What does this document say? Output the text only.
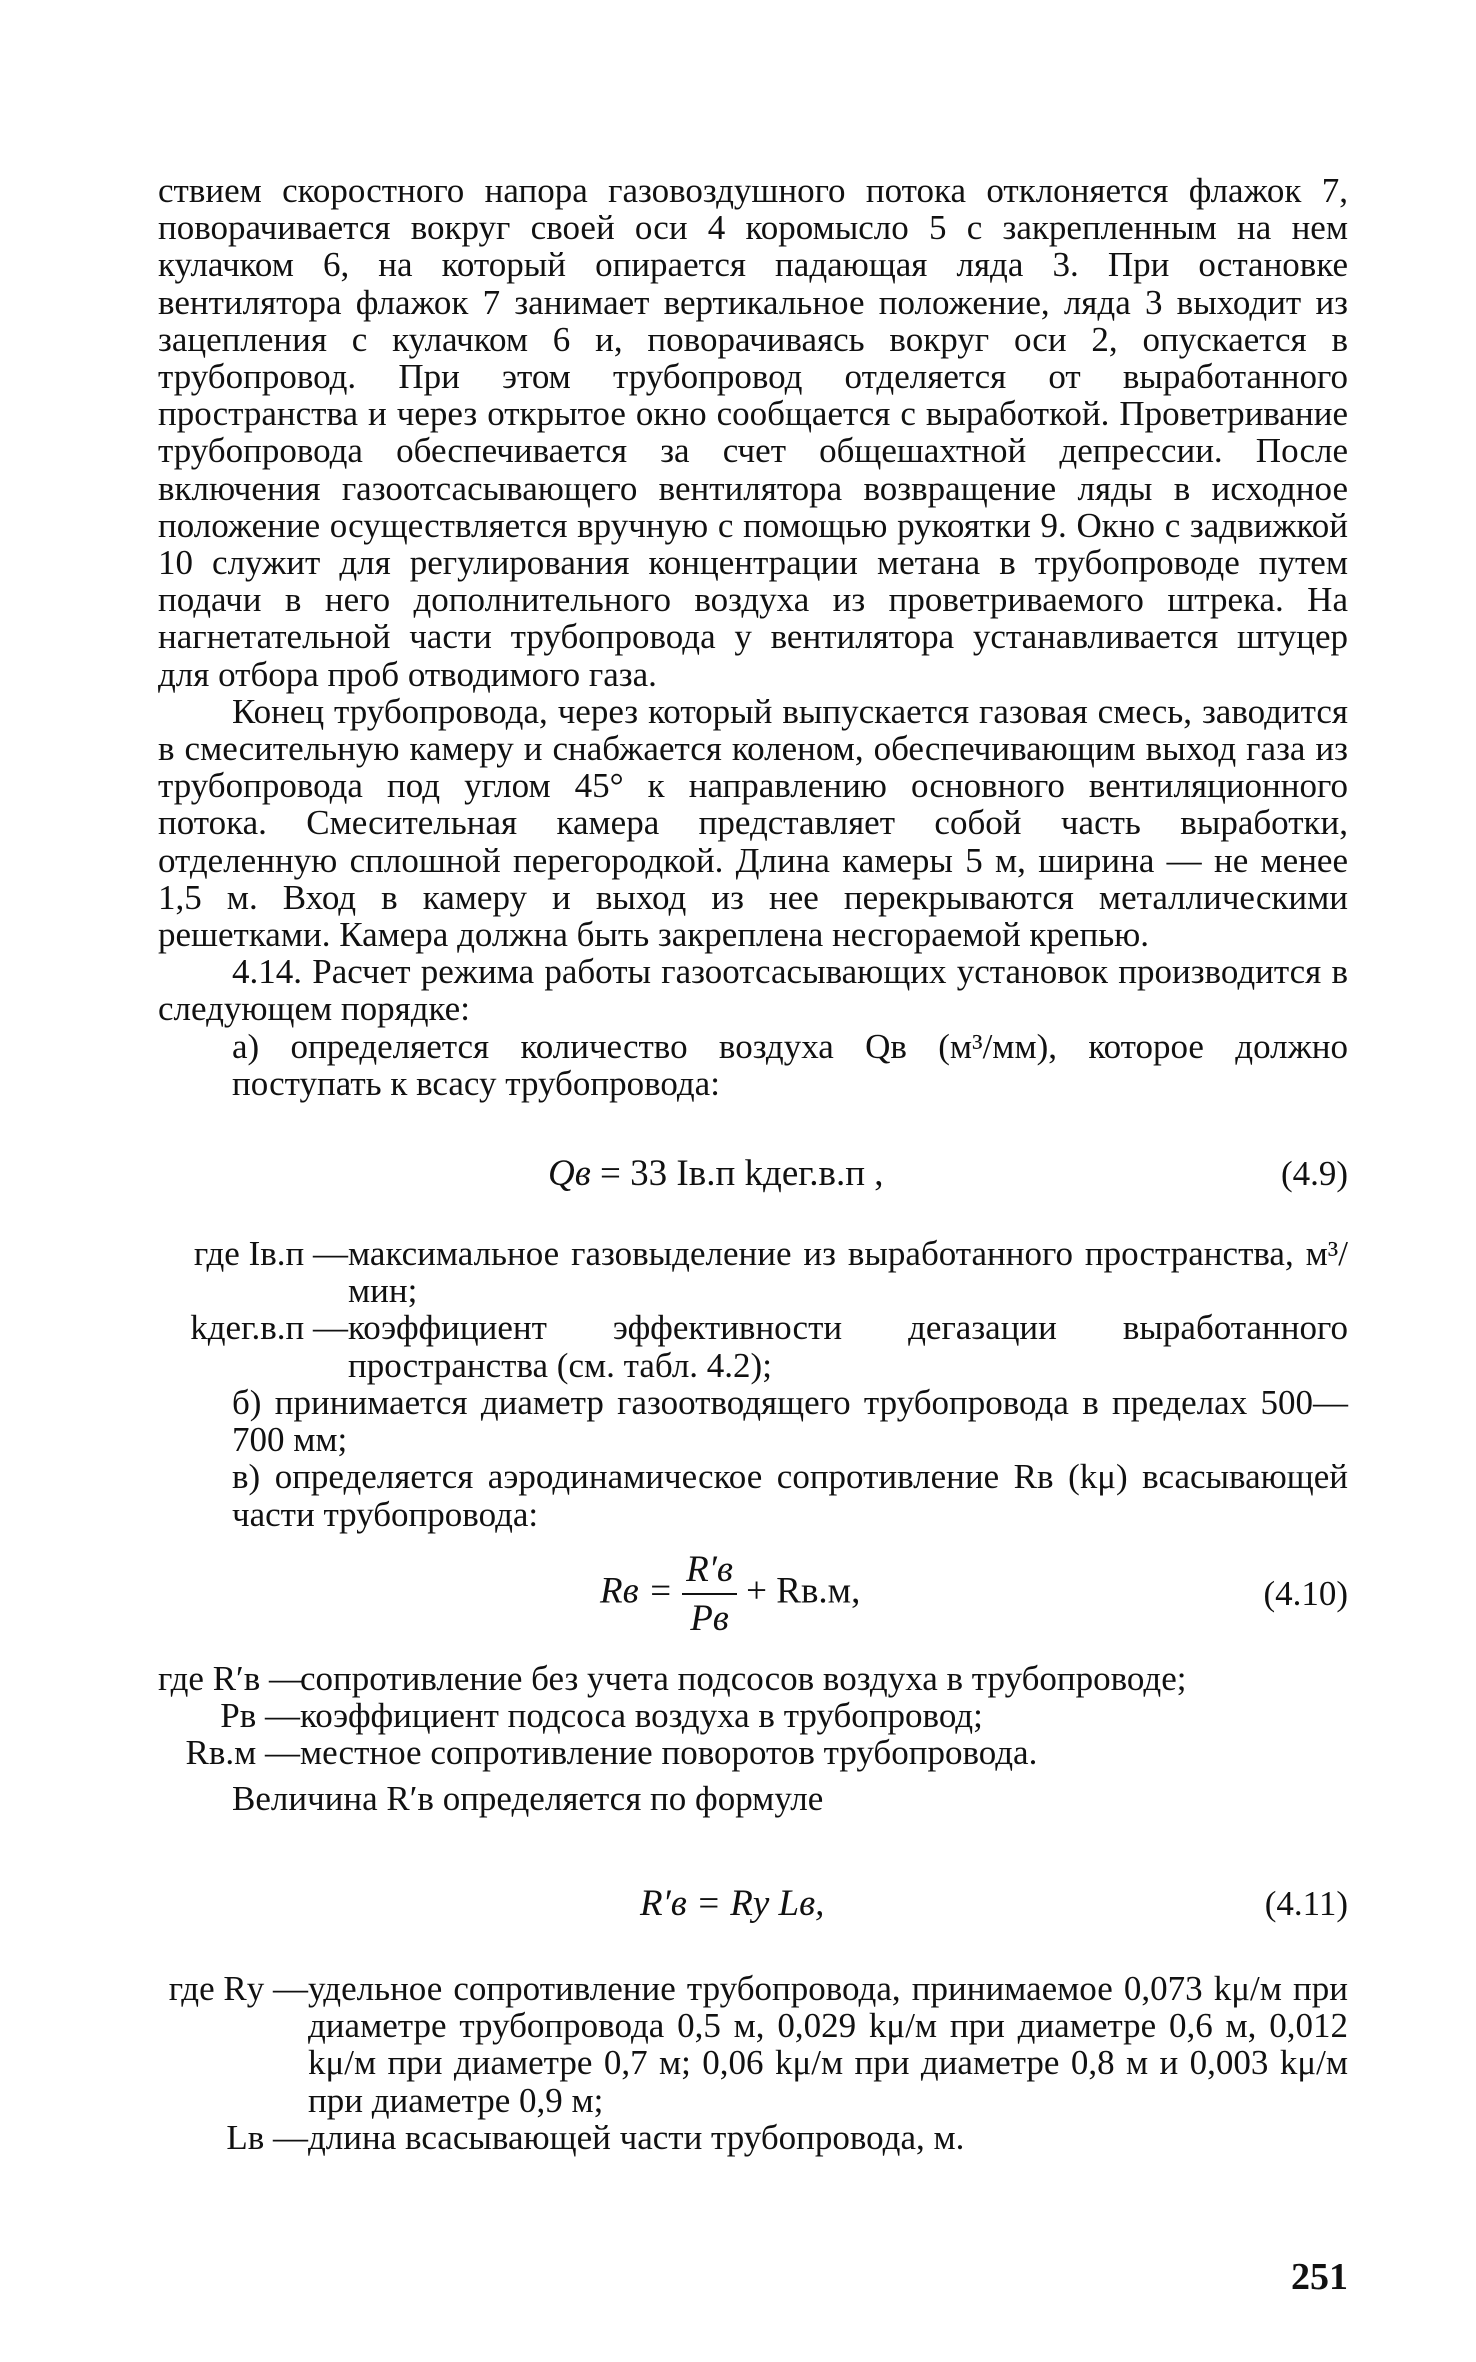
ствием скоростного напора газовоздушного потока отклоняется флажок 7, поворачивается вокруг своей оси 4 коромысло 5 с закрепленным на нем кулачком 6, на который опирается падающая ляда 3. При остановке вентилятора флажок 7 занимает вертикальное положение, ляда 3 выходит из зацепления с кулачком 6 и, поворачиваясь вокруг оси 2, опускается в трубопровод. При этом трубопровод отделяется от выработанного пространства и через открытое окно сообщается с выработкой. Проветривание трубопровода обеспечивается за счет общешахтной депрессии. После включения газоотсасывающего вентилятора возвращение ляды в исходное положение осуществляется вручную с помощью рукоятки 9. Окно с задвижкой 10 служит для регулирования концентрации метана в трубопроводе путем подачи в него дополнительного воздуха из проветриваемого штрека. На нагнетательной части трубопровода у вентилятора устанавливается штуцер для отбора проб отводимого газа.

Конец трубопровода, через который выпускается газовая смесь, заводится в смесительную камеру и снабжается коленом, обеспечивающим выход газа из трубопровода под углом 45° к направлению основного вентиляционного потока. Смесительная камера представляет собой часть выработки, отделенную сплошной перегородкой. Длина камеры 5 м, ширина — не менее 1,5 м. Вход в камеру и выход из нее перекрываются металлическими решетками. Камера должна быть закреплена несгораемой крепью.

4.14. Расчет режима работы газоотсасывающих установок производится в следующем порядке:

а) определяется количество воздуха Qв (м³/мм), которое должно поступать к всасу трубопровода:

Qв = 33 Iв.п kдег.в.п ,	(4.9)
где Iв.п — максимальное газовыделение из выработанного пространства, м³/мин;
kдег.в.п — коэффициент эффективности дегазации выработанного пространства (см. табл. 4.2);

б) принимается диаметр газоотводящего трубопровода в пределах 500—700 мм;

в) определяется аэродинамическое сопротивление Rв (kμ) всасывающей части трубопровода:

Rв = $\frac{R'в}{Pв} + Rв.м$,	(4.10)
где R′в —
сопротивление без учета подсосов воздуха в трубопроводе;
Pв — коэффициент подсоса воздуха в трубопровод;
Rв.м — местное сопротивление поворотов трубопровода.

Величина R′в определяется по формуле

R′в = Rу Lв,	(4.11)
где Rу — удельное сопротивление трубопровода, принимаемое 0,073 kμ/м при диаметре трубопровода 0,5 м, 0,029 kμ/м при диаметре 0,6 м, 0,012 kμ/м при диаметре 0,7 м; 0,06 kμ/м при диаметре 0,8 м и 0,003 kμ/м при диаметре 0,9 м;
Lв — длина всасывающей части трубопровода, м.
251
